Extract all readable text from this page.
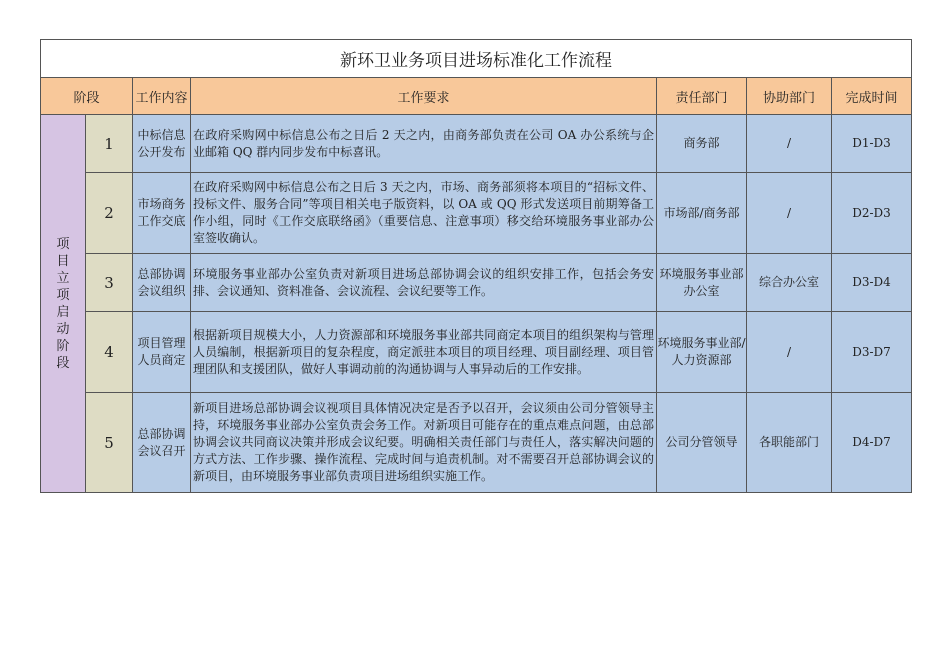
新环卫业务项目进场标准化工作流程						
阶段		工作内容	工作要求	责任部门	协助部门	完成时间
项目立项启动阶段	1	中标信息公开发布	在政府采购网中标信息公布之日后 2 天之内，由商务部负责在公司 OA 办公系统与企业邮箱 QQ 群内同步发布中标喜讯。	商务部	/	D1-D3
	2	市场商务工作交底	在政府采购网中标信息公布之日后 3 天之内，市场、商务部须将本项目的“招标文件、投标文件、服务合同”等项目相关电子版资料，以 OA 或 QQ 形式发送项目前期筹备工作小组，同时《工作交底联络函》（重要信息、注意事项）移交给环境服务事业部办公室签收确认。	市场部/商务部	/	D2-D3
	3	总部协调会议组织	环境服务事业部办公室负责对新项目进场总部协调会议的组织安排工作，包括会务安排、会议通知、资料准备、会议流程、会议纪要等工作。	环境服务事业部办公室	综合办公室	D3-D4
	4	项目管理人员商定	根据新项目规模大小，人力资源部和环境服务事业部共同商定本项目的组织架构与管理人员编制，根据新项目的复杂程度，商定派驻本项目的项目经理、项目副经理、项目管理团队和支援团队，做好人事调动前的沟通协调与人事异动后的工作安排。	环境服务事业部/人力资源部	/	D3-D7
	5	总部协调会议召开	新项目进场总部协调会议视项目具体情况决定是否予以召开，会议须由公司分管领导主持，环境服务事业部办公室负责会务工作。对新项目可能存在的重点难点问题，由总部协调会议共同商议决策并形成会议纪要。明确相关责任部门与责任人，落实解决问题的方式方法、工作步骤、操作流程、完成时间与追责机制。对不需要召开总部协调会议的新项目，由环境服务事业部负责项目进场组织实施工作。	公司分管领导	各职能部门	D4-D7
